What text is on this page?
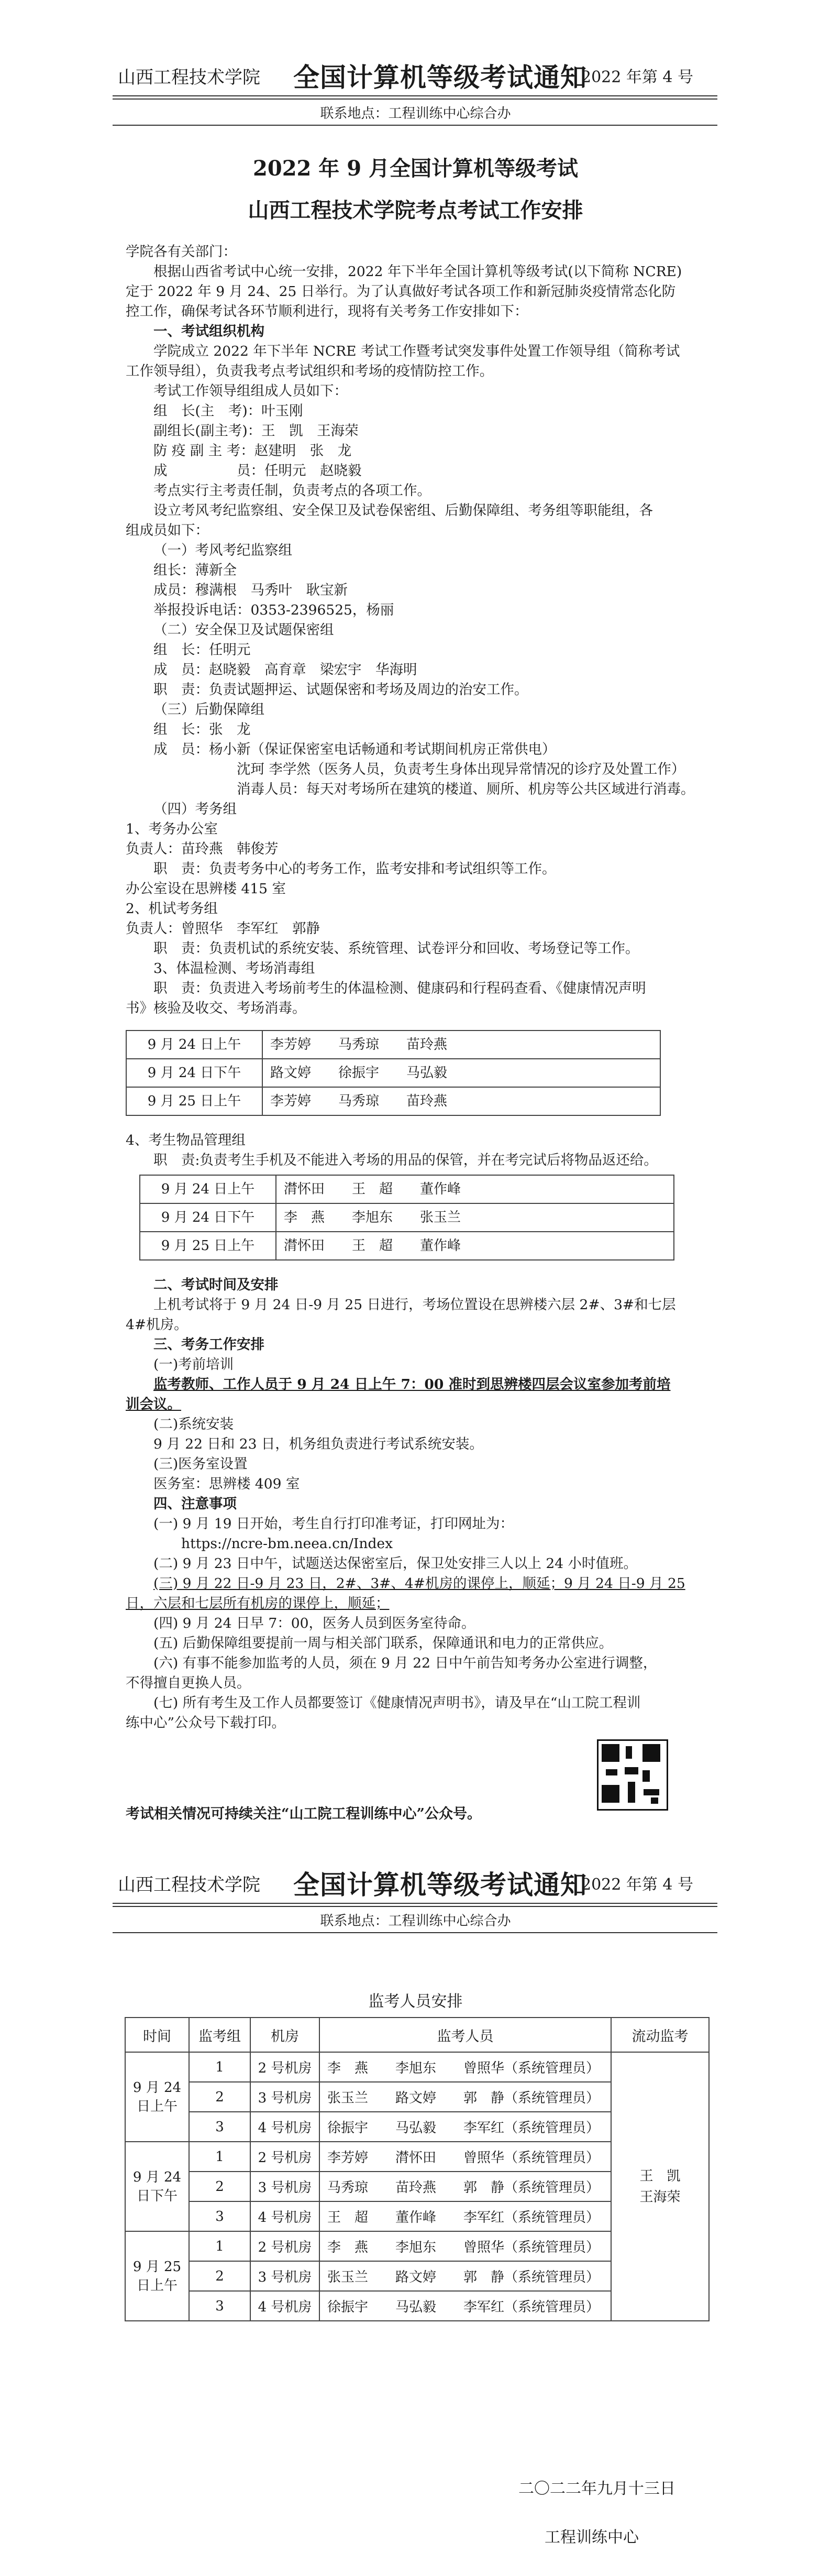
山西工程技术学院 全国计算机等级考试通知
2022 年第 4 号
联系地点：工程训练中心综合办
2022 年 9 月全国计算机等级考试
山西工程技术学院考点考试工作安排
学院各有关部门：
根据山西省考试中心统一安排，2022 年下半年全国计算机等级考试(以下简称 NCRE)
定于 2022 年 9 月 24、25 日举行。为了认真做好考试各项工作和新冠肺炎疫情常态化防
控工作，确保考试各环节顺利进行，现将有关考务工作安排如下：
一、考试组织机构
学院成立 2022 年下半年 NCRE 考试工作暨考试突发事件处置工作领导组（简称考试
工作领导组），负责我考点考试组织和考场的疫情防控工作。
考试工作领导组组成人员如下：
组　长(主　考)：叶玉刚
副组长(副主考)：王　凯　王海荣
防 疫 副 主 考：赵建明　张　龙
成　　　　　员：任明元　赵晓毅
考点实行主考责任制，负责考点的各项工作。
设立考风考纪监察组、安全保卫及试卷保密组、后勤保障组、考务组等职能组，各
组成员如下：
（一）考风考纪监察组
组长：薄新全
成员：穆满根　马秀叶　耿宝新
举报投诉电话：0353-2396525，杨丽
（二）安全保卫及试题保密组
组　长：任明元
成　员：赵晓毅　高育章　梁宏宇　华海明
职　责：负责试题押运、试题保密和考场及周边的治安工作。
（三）后勤保障组
组　长：张　龙
成　员：杨小新（保证保密室电话畅通和考试期间机房正常供电）
沈珂 李学然（医务人员，负责考生身体出现异常情况的诊疗及处置工作）
消毒人员：每天对考场所在建筑的楼道、厕所、机房等公共区域进行消毒。
（四）考务组
1、考务办公室
负责人：苗玲燕　韩俊芳
职　责：负责考务中心的考务工作，监考安排和考试组织等工作。
办公室设在思辨楼 415 室
2、机试考务组
负责人：曾照华　李军红　郭静
职　责：负责机试的系统安装、系统管理、试卷评分和回收、考场登记等工作。
3、体温检测、考场消毒组
职　责：负责进入考场前考生的体温检测、健康码和行程码查看、《健康情况声明
书》核验及收交、考场消毒。
9 月 24 日上午	李芳婷　　马秀琼　　苗玲燕
9 月 24 日下午	路文婷　　徐振宇　　马弘毅
9 月 25 日上午	李芳婷　　马秀琼　　苗玲燕
4、考生物品管理组
职　责:负责考生手机及不能进入考场的用品的保管，并在考完试后将物品返还给。
9 月 24 日上午	潸怀田　　王　超　　董作峰
9 月 24 日下午	李　燕　　李旭东　　张玉兰
9 月 25 日上午	潸怀田　　王　超　　董作峰
二、考试时间及安排
上机考试将于 9 月 24 日-9 月 25 日进行，考场位置设在思辨楼六层 2#、3#和七层
4#机房。
三、考务工作安排
(一)考前培训
监考教师、工作人员于 9 月 24 日上午 7：00 准时到思辨楼四层会议室参加考前培
训会议。
(二)系统安装
9 月 22 日和 23 日，机务组负责进行考试系统安装。
(三)医务室设置
医务室：思辨楼 409 室
四、注意事项
(一) 9 月 19 日开始，考生自行打印准考证，打印网址为：
https://ncre-bm.neea.cn/Index
(二) 9 月 23 日中午，试题送达保密室后，保卫处安排三人以上 24 小时值班。
(三) 9 月 22 日-9 月 23 日，2#、3#、4#机房的课停上，顺延；9 月 24 日-9 月 25
日，六层和七层所有机房的课停上，顺延；
(四) 9 月 24 日早 7：00，医务人员到医务室待命。
(五) 后勤保障组要提前一周与相关部门联系，保障通讯和电力的正常供应。
(六) 有事不能参加监考的人员，须在 9 月 22 日中午前告知考务办公室进行调整，
不得擅自更换人员。
(七) 所有考生及工作人员都要签订《健康情况声明书》，请及早在“山工院工程训
练中心”公众号下载打印。
考试相关情况可持续关注“山工院工程训练中心”公众号。
山西工程技术学院 全国计算机等级考试通知
2022 年第 4 号
联系地点：工程训练中心综合办
监考人员安排
时间	监考组	机房	监考人员	流动监考
9 月 24
日上午	1	2 号机房	李　燕　　李旭东　　曾照华（系统管理员）	王　凯
王海荣
	2	3 号机房	张玉兰　　路文婷　　郭　静（系统管理员）	
	3	4 号机房	徐振宇　　马弘毅　　李军红（系统管理员）	
9 月 24
日下午	1	2 号机房	李芳婷　　潸怀田　　曾照华（系统管理员）	
	2	3 号机房	马秀琼　　苗玲燕　　郭　静（系统管理员）	
	3	4 号机房	王　超　　董作峰　　李军红（系统管理员）	
9 月 25
日上午	1	2 号机房	李　燕　　李旭东　　曾照华（系统管理员）	
	2	3 号机房	张玉兰　　路文婷　　郭　静（系统管理员）	
	3	4 号机房	徐振宇　　马弘毅　　李军红（系统管理员）	
二〇二二年九月十三日
工程训练中心
